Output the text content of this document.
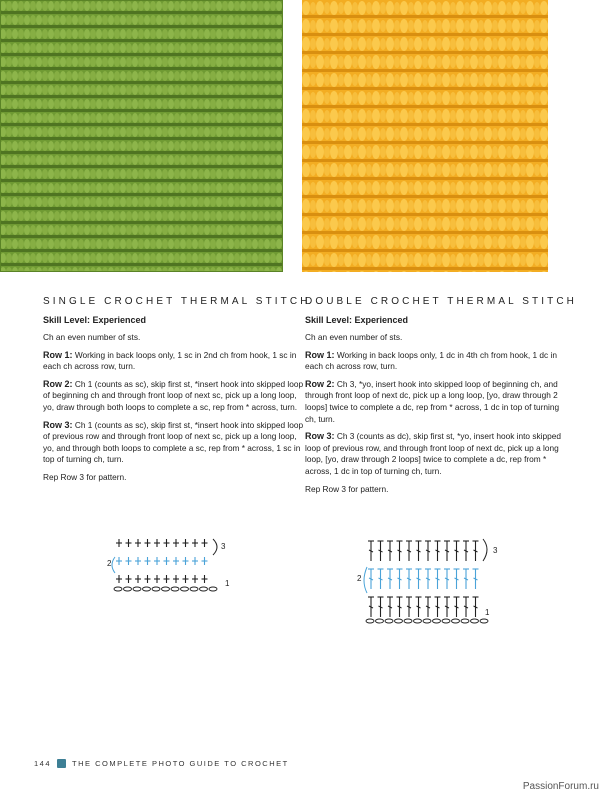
SINGLE CROCHET THERMAL STITCH
Skill Level: Experienced
Ch an even number of sts.
Row 1: Working in back loops only, 1 sc in 2nd ch from hook, 1 sc in each ch across row, turn.
Row 2: Ch 1 (counts as sc), skip first st, *insert hook into skipped loop of beginning ch and through front loop of next sc, pick up a long loop, yo, draw through both loops to complete a sc, rep from * across, turn.
Row 3: Ch 1 (counts as sc), skip first st, *insert hook into skipped loop of previous row and through front loop of next sc, pick up a long loop, yo, and through both loops to complete a sc, rep from * across, 1 sc in top of turning ch, turn.
Rep Row 3 for pattern.
DOUBLE CROCHET THERMAL STITCH
Skill Level: Experienced
Ch an even number of sts.
Row 1: Working in back loops only, 1 dc in 4th ch from hook, 1 dc in each ch across row, turn.
Row 2: Ch 3, *yo, insert hook into skipped loop of beginning ch, and through front loop of next dc, pick up a long loop, [yo, draw through 2 loops] twice to complete a dc, rep from * across, 1 dc in top of turning ch, turn.
Row 3: Ch 3 (counts as dc), skip first st, *yo, insert hook into skipped loop of previous row, and through front loop of next dc, pick up a long loop, [yo, draw through 2 loops] twice to complete a dc, rep from * across, 1 dc in top of turning ch, turn.
Rep Row 3 for pattern.
3
2
1
3
2
1
144	THE COMPLETE PHOTO GUIDE TO CROCHET
PassionForum.ru
